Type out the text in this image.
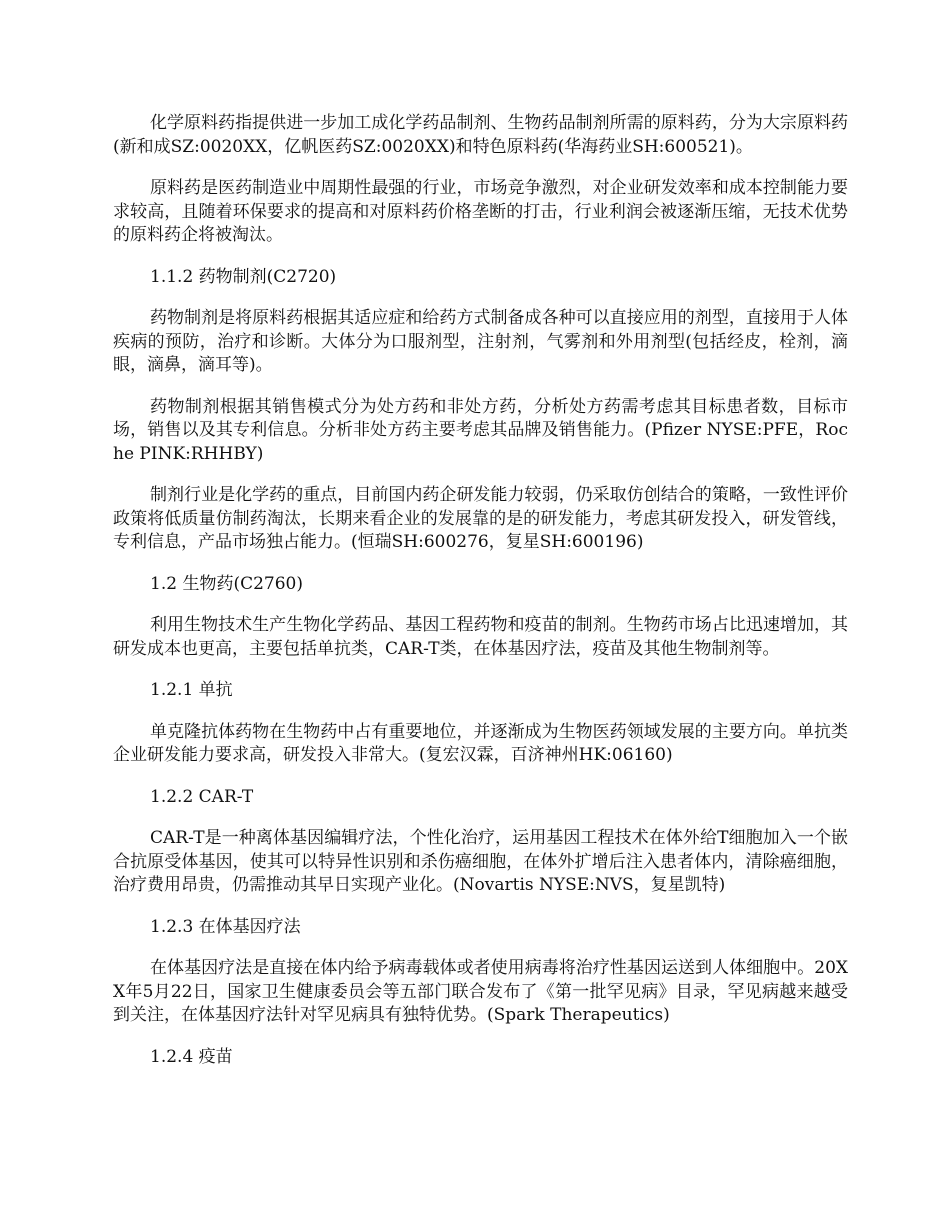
化学原料药指提供进一步加工成化学药品制剂、生物药品制剂所需的原料药，分为大宗原料药(新和成SZ:0020XX，亿帆医药SZ:0020XX)和特色原料药(华海药业SH:600521)。

原料药是医药制造业中周期性最强的行业，市场竞争激烈，对企业研发效率和成本控制能力要求较高，且随着环保要求的提高和对原料药价格垄断的打击，行业利润会被逐渐压缩，无技术优势的原料药企将被淘汰。

1.1.2 药物制剂(C2720)

药物制剂是将原料药根据其适应症和给药方式制备成各种可以直接应用的剂型，直接用于人体疾病的预防，治疗和诊断。大体分为口服剂型，注射剂，气雾剂和外用剂型(包括经皮，栓剂，滴眼，滴鼻，滴耳等)。

药物制剂根据其销售模式分为处方药和非处方药，分析处方药需考虑其目标患者数，目标市场，销售以及其专利信息。分析非处方药主要考虑其品牌及销售能力。(Pfizer NYSE:PFE，Roche PINK:RHHBY)

制剂行业是化学药的重点，目前国内药企研发能力较弱，仍采取仿创结合的策略，一致性评价政策将低质量仿制药淘汰，长期来看企业的发展靠的是的研发能力，考虑其研发投入，研发管线，专利信息，产品市场独占能力。(恒瑞SH:600276，复星SH:600196)

1.2 生物药(C2760)

利用生物技术生产生物化学药品、基因工程药物和疫苗的制剂。生物药市场占比迅速增加，其研发成本也更高，主要包括单抗类，CAR-T类，在体基因疗法，疫苗及其他生物制剂等。

1.2.1 单抗

单克隆抗体药物在生物药中占有重要地位，并逐渐成为生物医药领域发展的主要方向。单抗类企业研发能力要求高，研发投入非常大。(复宏汉霖，百济神州HK:06160)

1.2.2 CAR-T

CAR-T是一种离体基因编辑疗法，个性化治疗，运用基因工程技术在体外给T细胞加入一个嵌合抗原受体基因，使其可以特异性识别和杀伤癌细胞，在体外扩增后注入患者体内，清除癌细胞，治疗费用昂贵，仍需推动其早日实现产业化。(Novartis NYSE:NVS，复星凯特)

1.2.3 在体基因疗法

在体基因疗法是直接在体内给予病毒载体或者使用病毒将治疗性基因运送到人体细胞中。20XX年5月22日，国家卫生健康委员会等五部门联合发布了《第一批罕见病》目录，罕见病越来越受到关注，在体基因疗法针对罕见病具有独特优势。(Spark Therapeutics)

1.2.4 疫苗
